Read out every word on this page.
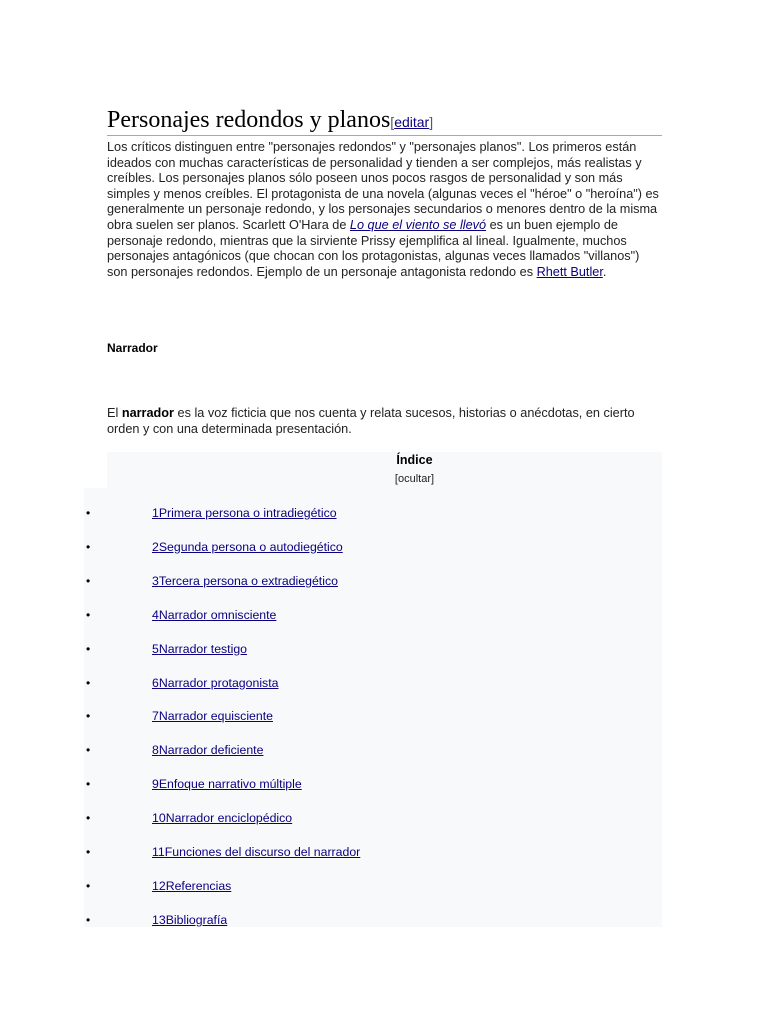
Personajes redondos y planos[editar]
Los críticos distinguen entre "personajes redondos" y "personajes planos". Los primeros están ideados con muchas características de personalidad y tienden a ser complejos, más realistas y creíbles. Los personajes planos sólo poseen unos pocos rasgos de personalidad y son más simples y menos creíbles. El protagonista de una novela (algunas veces el "héroe" o "heroína") es generalmente un personaje redondo, y los personajes secundarios o menores dentro de la misma obra suelen ser planos. Scarlett O'Hara de Lo que el viento se llevó es un buen ejemplo de personaje redondo, mientras que la sirviente Prissy ejemplifica al lineal. Igualmente, muchos personajes antagónicos (que chocan con los protagonistas, algunas veces llamados "villanos") son personajes redondos. Ejemplo de un personaje antagonista redondo es Rhett Butler.
Narrador
El narrador es la voz ficticia que nos cuenta y relata sucesos, historias o anécdotas, en cierto orden y con una determinada presentación.
Índice
[ocultar]
•	1Primera persona o intradiegético
•	2Segunda persona o autodiegético
•	3Tercera persona o extradiegético
•	4Narrador omnisciente
•	5Narrador testigo
•	6Narrador protagonista
•	7Narrador equisciente
•	8Narrador deficiente
•	9Enfoque narrativo múltiple
•	10Narrador enciclopédico
•	11Funciones del discurso del narrador
•	12Referencias
•	13Bibliografía
